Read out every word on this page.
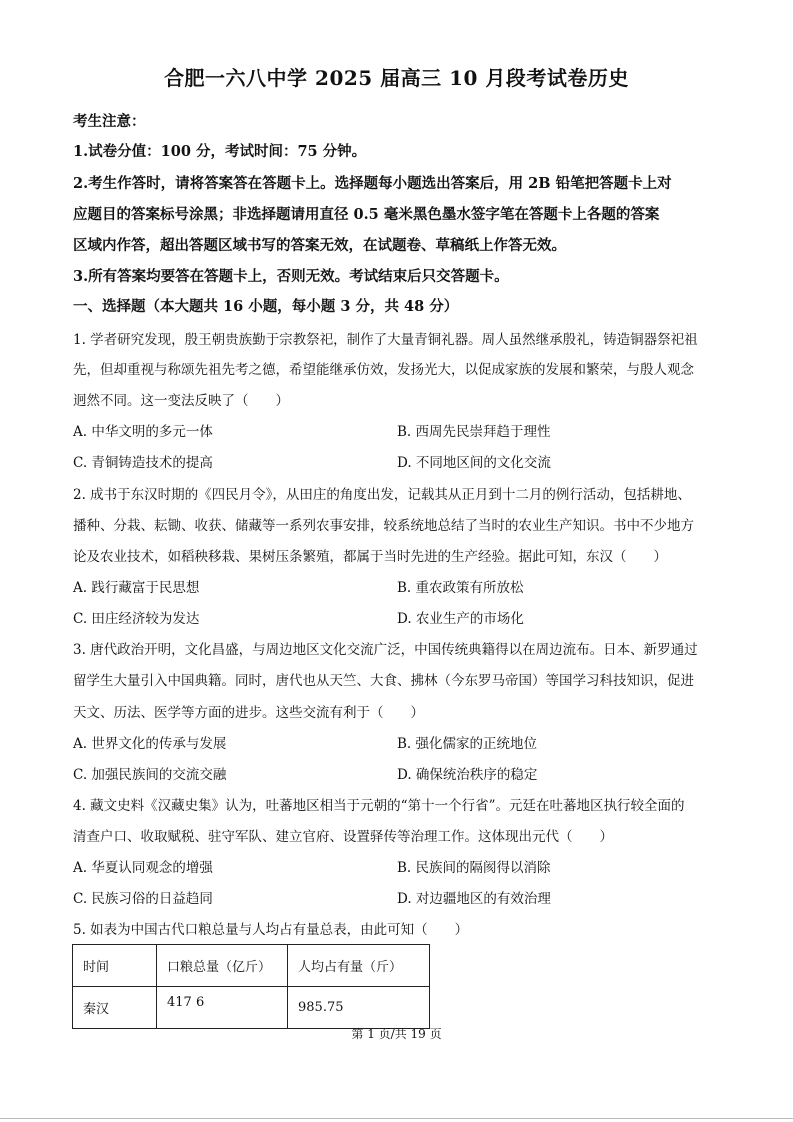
合肥一六八中学 2025 届高三 10 月段考试卷历史
考生注意：
1.试卷分值：100 分，考试时间：75 分钟。
2.考生作答时，请将答案答在答题卡上。选择题每小题选出答案后，用 2B 铅笔把答题卡上对
应题目的答案标号涂黑；非选择题请用直径 0.5 毫米黑色墨水签字笔在答题卡上各题的答案
区域内作答，超出答题区域书写的答案无效，在试题卷、草稿纸上作答无效。
3.所有答案均要答在答题卡上，否则无效。考试结束后只交答题卡。
一、选择题（本大题共 16 小题，每小题 3 分，共 48 分）
1. 学者研究发现，殷王朝贵族勤于宗教祭祀，制作了大量青铜礼器。周人虽然继承殷礼，铸造铜器祭祀祖
先，但却重视与称颂先祖先考之德，希望能继承仿效，发扬光大，以促成家族的发展和繁荣，与殷人观念
迥然不同。这一变法反映了（　　）
A. 中华文明的多元一体	B. 西周先民崇拜趋于理性
C. 青铜铸造技术的提高	D. 不同地区间的文化交流
2. 成书于东汉时期的《四民月令》，从田庄的角度出发，记载其从正月到十二月的例行活动，包括耕地、
播种、分栽、耘锄、收获、储藏等一系列农事安排，较系统地总结了当时的农业生产知识。书中不少地方
论及农业技术，如稻秧移栽、果树压条繁殖，都属于当时先进的生产经验。据此可知，东汉（　　）
A. 践行藏富于民思想	B. 重农政策有所放松
C. 田庄经济较为发达	D. 农业生产的市场化
3. 唐代政治开明，文化昌盛，与周边地区文化交流广泛，中国传统典籍得以在周边流布。日本、新罗通过
留学生大量引入中国典籍。同时，唐代也从天竺、大食、拂林（今东罗马帝国）等国学习科技知识，促进
天文、历法、医学等方面的进步。这些交流有利于（　　）
A. 世界文化的传承与发展	B. 强化儒家的正统地位
C. 加强民族间的交流交融	D. 确保统治秩序的稳定
4. 藏文史料《汉藏史集》认为，吐蕃地区相当于元朝的“第十一个行省”。元廷在吐蕃地区执行较全面的
清查户口、收取赋税、驻守军队、建立官府、设置驿传等治理工作。这体现出元代（　　）
A. 华夏认同观念的增强	B. 民族间的隔阂得以消除
C. 民族习俗的日益趋同	D. 对边疆地区的有效治理
5. 如表为中国古代口粮总量与人均占有量总表，由此可知（　　）
时间	口粮总量（亿斤）	人均占有量（斤）
秦汉	417 6	985.75
第 1 页/共 19 页
